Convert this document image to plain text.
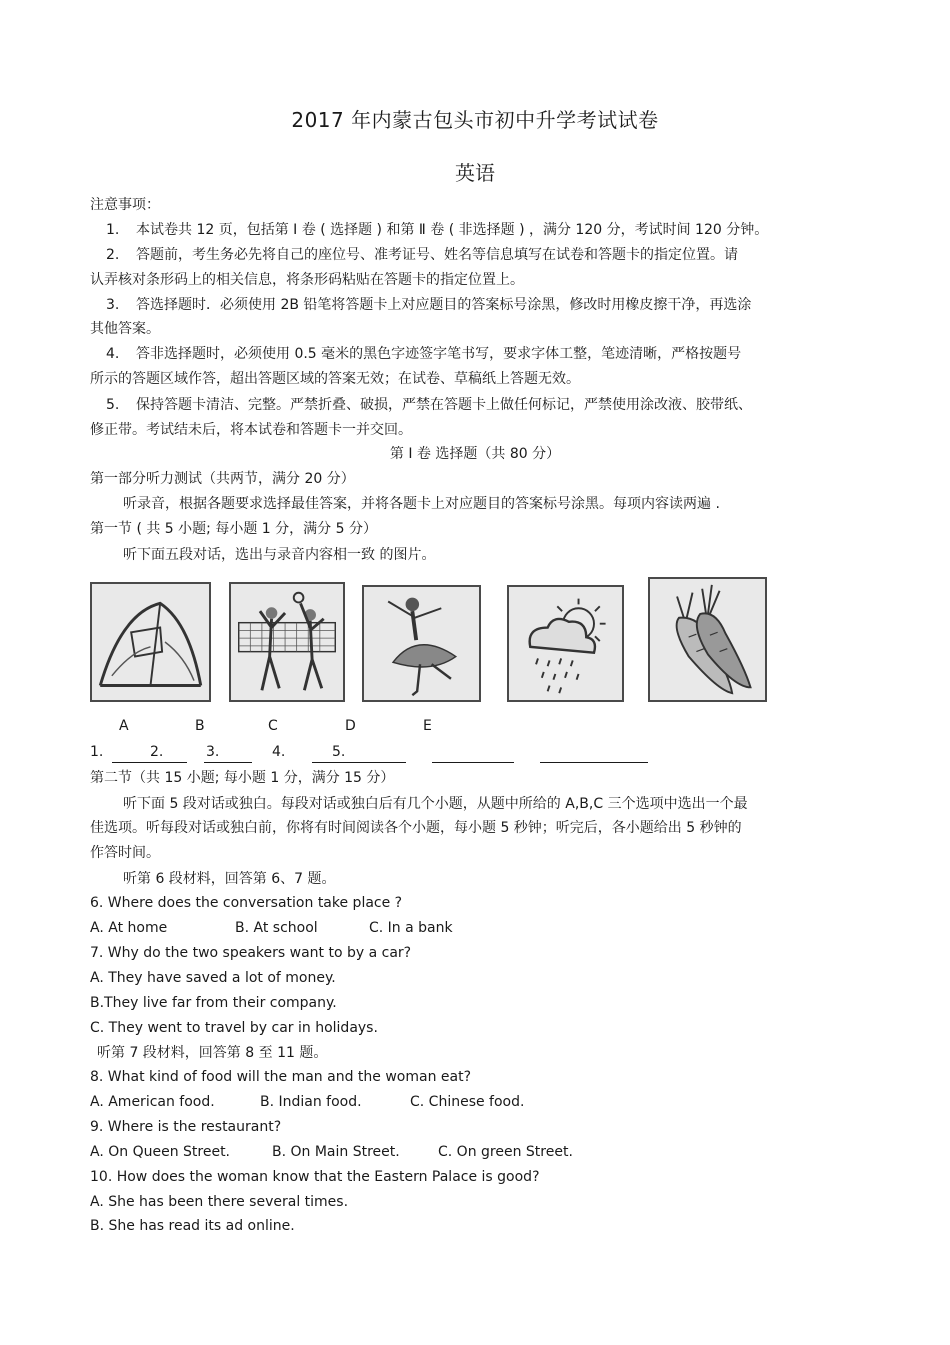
2017 年内蒙古包头市初中升学考试试卷
英语
注意事项：
1. 本试卷共 12 页，包括第 Ⅰ 卷 ( 选择题 ) 和第 Ⅱ 卷 ( 非选择题 ) ，满分 120 分，考试时间 120 分钟。
2. 答题前，考生务必先将自己的座位号、准考证号、姓名等信息填写在试卷和答题卡的指定位置。请
认弄核对条形码上的相关信息，将条形码粘贴在答题卡的指定位置上。
3. 答选择题时．必须使用 2B 铅笔将答题卡上对应题目的答案标号涂黑，修改时用橡皮擦干净，再选涂
其他答案。
4. 答非选择题时，必须使用 0.5 毫米的黑色字迹签字笔书写，要求字体工整，笔迹清晰，严格按题号
所示的答题区域作答，超出答题区域的答案无效；在试卷、草稿纸上答题无效。
5. 保持答题卡清洁、完整。严禁折叠、破损，严禁在答题卡上做任何标记，严禁使用涂改液、胶带纸、
修正带。考试结未后，将本试卷和答题卡一并交回。
第 Ⅰ 卷 选择题（共 80 分）
第一部分听力测试（共两节，满分 20 分）
听录音，根据各题要求选择最佳答案，并将各题卡上对应题目的答案标号涂黑。每项内容读两遍 .
第一节 ( 共 5 小题; 每小题 1 分，满分 5 分）
听下面五段对话，选出与录音内容相一致 的图片。
A	B	C	D	E
1.	2.	3.	4.	5.
第二节（共 15 小题; 每小题 1 分，满分 15 分）
听下面 5 段对话或独白。每段对话或独白后有几个小题，从题中所给的 A,B,C 三个选项中选出一个最
佳选项。听每段对话或独白前，你将有时间阅读各个小题，每小题 5 秒钟；听完后，各小题给出 5 秒钟的
作答时间。
听第 6 段材料，回答第 6、7 题。
6. Where does the conversation take place ?
A. At home	B. At school	C. In a bank
7. Why do the two speakers want to by a car?
A. They have saved a lot of money.
B.They live far from their company.
C. They went to travel by car in holidays.
听第 7 段材料，回答第 8 至 11 题。
8. What kind of food will the man and the woman eat?
A. American food.	B. Indian food.	C. Chinese food.
9. Where is the restaurant?
A. On Queen Street.	B. On Main Street.	C. On green Street.
10. How does the woman know that the Eastern Palace is good?
A. She has been there several times.
B. She has read its ad online.
